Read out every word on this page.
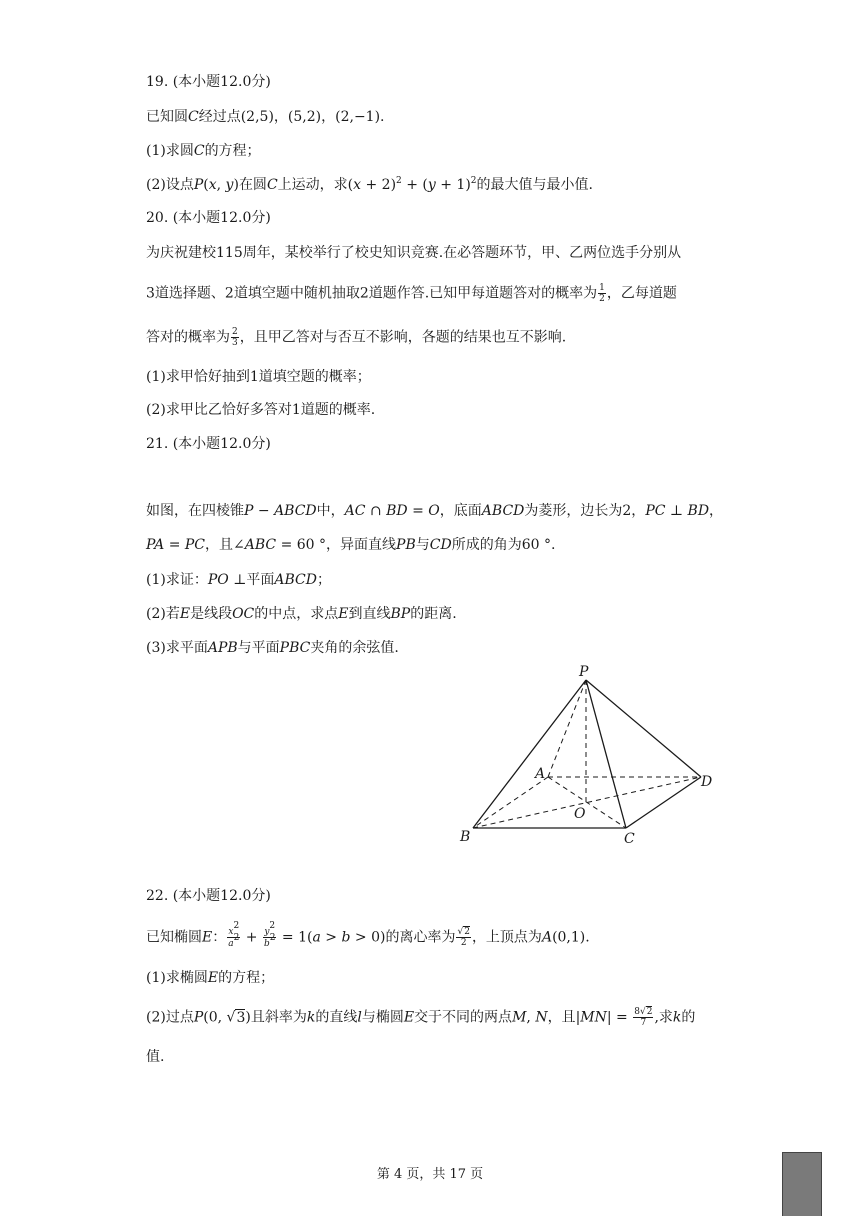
19. (本小题12.0分)
已知圆C经过点(2,5)，(5,2)，(2,−1).
(1)求圆C的方程；
(2)设点P(x, y)在圆C上运动，求$(x + 2)^2 + (y + 1)^2$的最大值与最小值.
20. (本小题12.0分)
为庆祝建校115周年，某校举行了校史知识竞赛.在必答题环节，甲、乙两位选手分别从
3道选择题、2道填空题中随机抽取2道题作答.已知甲每道题答对的概率为 $\frac{1}{2}$ ，乙每道题
答对的概率为 $\frac{2}{3}$ ，且甲乙答对与否互不影响，各题的结果也互不影响.
(1)求甲恰好抽到1道填空题的概率；
(2)求甲比乙恰好多答对1道题的概率.
21. (本小题12.0分)
如图，在四棱锥P − ABCD中，AC ∩ BD = O，底面ABCD为菱形，边长为2，PC ⊥ BD，
PA = PC，且∠ABC = 60 °，异面直线PB与CD所成的角为60 °.
(1)求证：PO ⊥平面ABCD；
(2)若E是线段OC的中点，求点E到直线BP的距离.
(3)求平面APB与平面PBC夹角的余弦值.
P
A
B	C
D
O
22. (本小题12.0分)
已知椭圆E： $\frac{x^2}{a^2} + \frac{y^2}{b^2} = 1(a > b > 0)$的离心率为 $\frac{√2}{2}$ ，上顶点为A(0,1).
(1)求椭圆E的方程；
(2)过点P(0, √3)且斜率为k的直线l与椭圆E交于不同的两点M, N，且$|MN| = \frac{8√2}{7}$ ,求k的
值.
第 4 页，共 17 页
